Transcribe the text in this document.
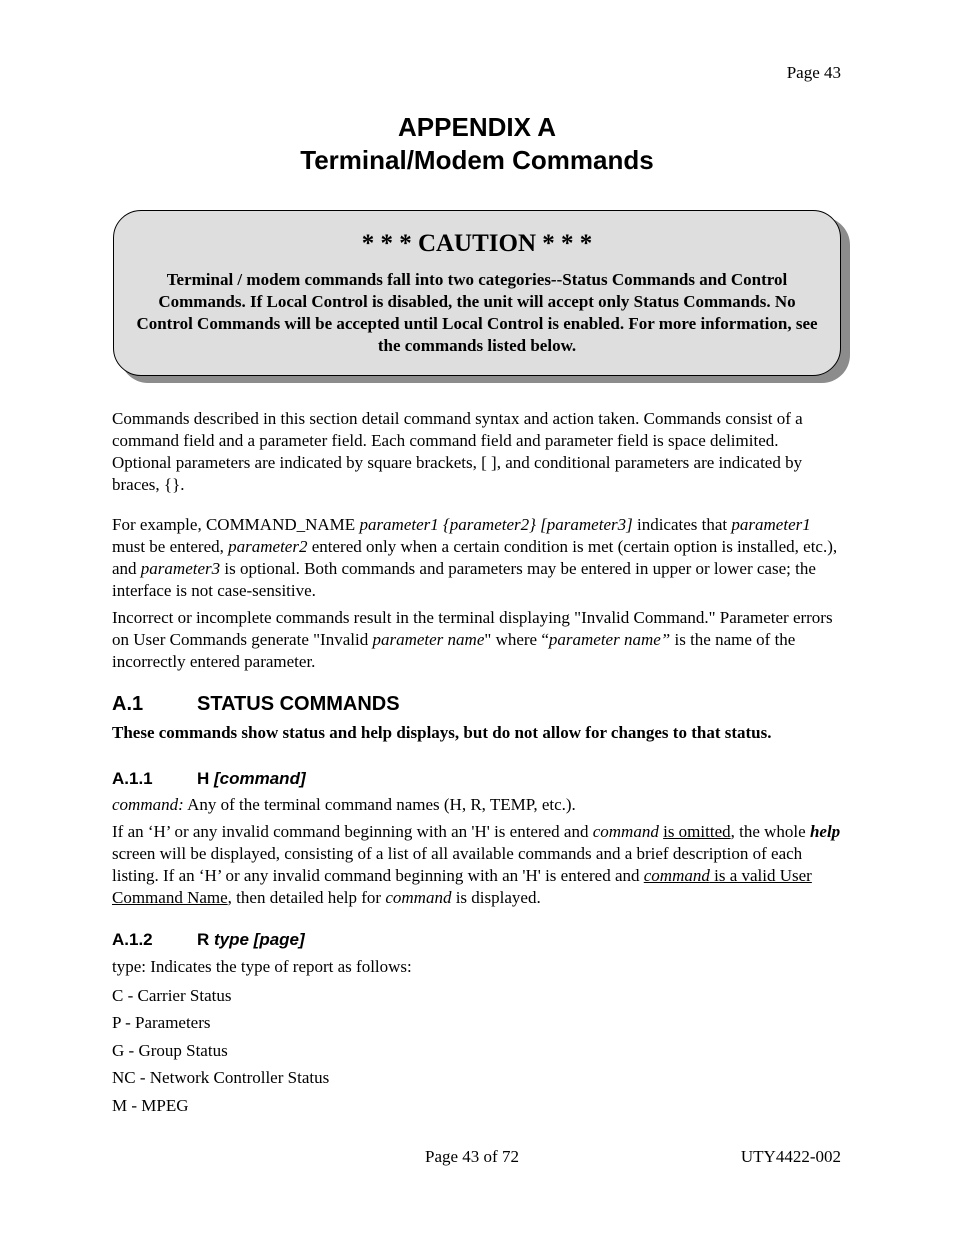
Page 43
APPENDIX A
Terminal/Modem Commands
* * * CAUTION * * *
Terminal / modem commands fall into two categories--Status Commands and Control Commands. If Local Control is disabled, the unit will accept only Status Commands. No Control Commands will be accepted until Local Control is enabled. For more information, see the commands listed below.
Commands described in this section detail command syntax and action taken. Commands consist of a command field and a parameter field. Each command field and parameter field is space delimited. Optional parameters are indicated by square brackets, [ ], and conditional parameters are indicated by braces, {}.
For example, COMMAND_NAME parameter1 {parameter2} [parameter3] indicates that parameter1 must be entered, parameter2 entered only when a certain condition is met (certain option is installed, etc.), and parameter3 is optional. Both commands and parameters may be entered in upper or lower case; the interface is not case-sensitive.
Incorrect or incomplete commands result in the terminal displaying "Invalid Command." Parameter errors on User Commands generate "Invalid parameter name" where “parameter name” is the name of the incorrectly entered parameter.
A.1	STATUS COMMANDS
These commands show status and help displays, but do not allow for changes to that status.
A.1.1	H [command]
command: Any of the terminal command names (H, R, TEMP, etc.).
If an ‘H’ or any invalid command beginning with an 'H' is entered and command is omitted, the whole help screen will be displayed, consisting of a list of all available commands and a brief description of each listing. If an ‘H’ or any invalid command beginning with an 'H' is entered and command is a valid User Command Name, then detailed help for command is displayed.
A.1.2	R type [page]
type: Indicates the type of report as follows:
C - Carrier Status
P - Parameters
G - Group Status
NC - Network Controller Status
M - MPEG
Page 43 of 72	UTY4422-002
